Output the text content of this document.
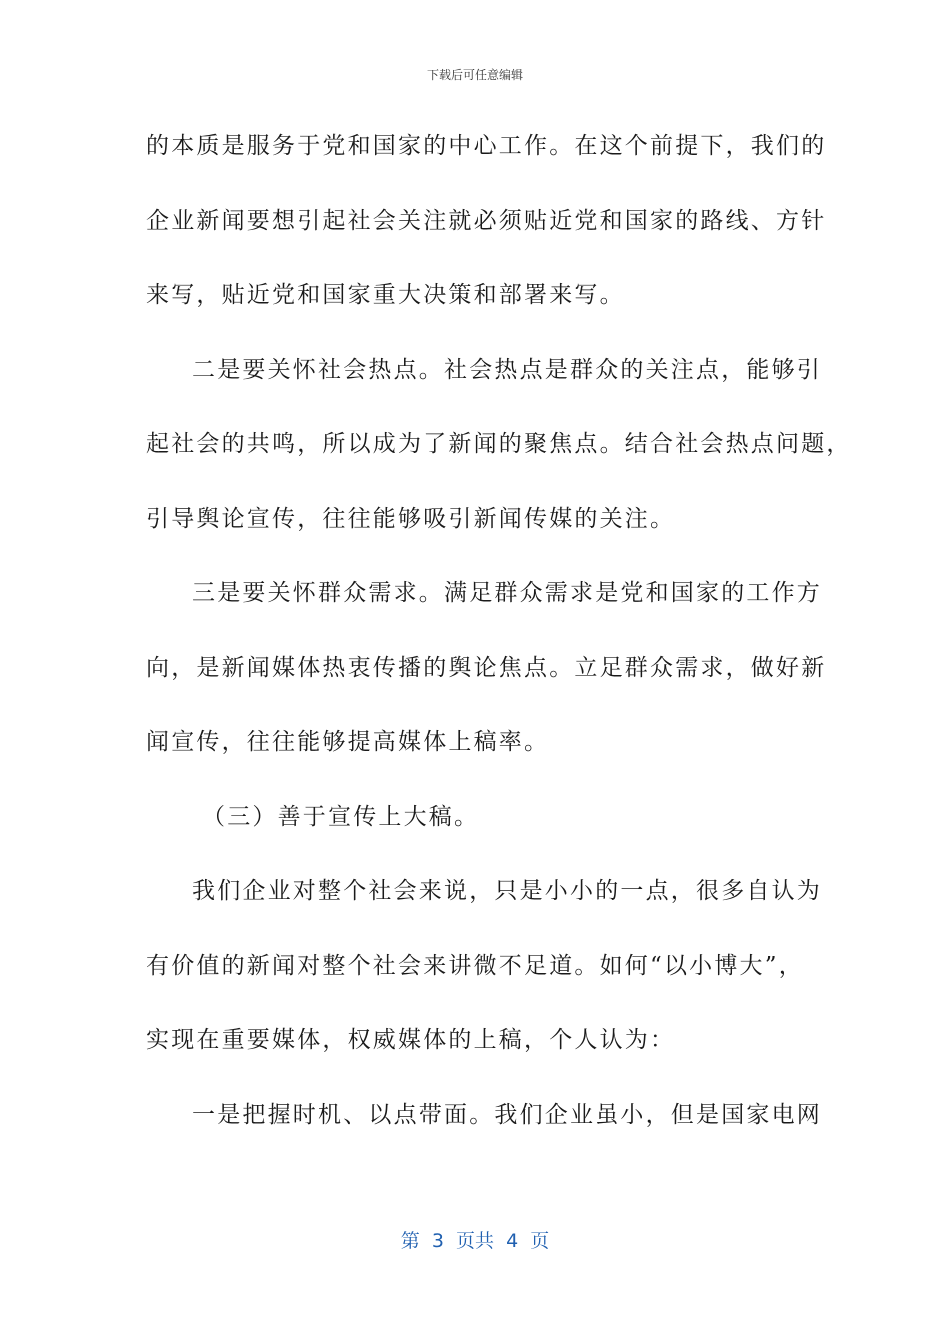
下载后可任意编辑
的本质是服务于党和国家的中心工作。在这个前提下，我们的
企业新闻要想引起社会关注就必须贴近党和国家的路线、方针
来写，贴近党和国家重大决策和部署来写。
二是要关怀社会热点。社会热点是群众的关注点，能够引
起社会的共鸣，所以成为了新闻的聚焦点。结合社会热点问题，
引导舆论宣传，往往能够吸引新闻传媒的关注。
三是要关怀群众需求。满足群众需求是党和国家的工作方
向，是新闻媒体热衷传播的舆论焦点。立足群众需求，做好新
闻宣传，往往能够提高媒体上稿率。
（三）善于宣传上大稿。
我们企业对整个社会来说，只是小小的一点，很多自认为
有价值的新闻对整个社会来讲微不足道。如何“以小博大”，
实现在重要媒体，权威媒体的上稿，个人认为：
一是把握时机、以点带面。我们企业虽小，但是国家电网
第  3  页共  4  页
